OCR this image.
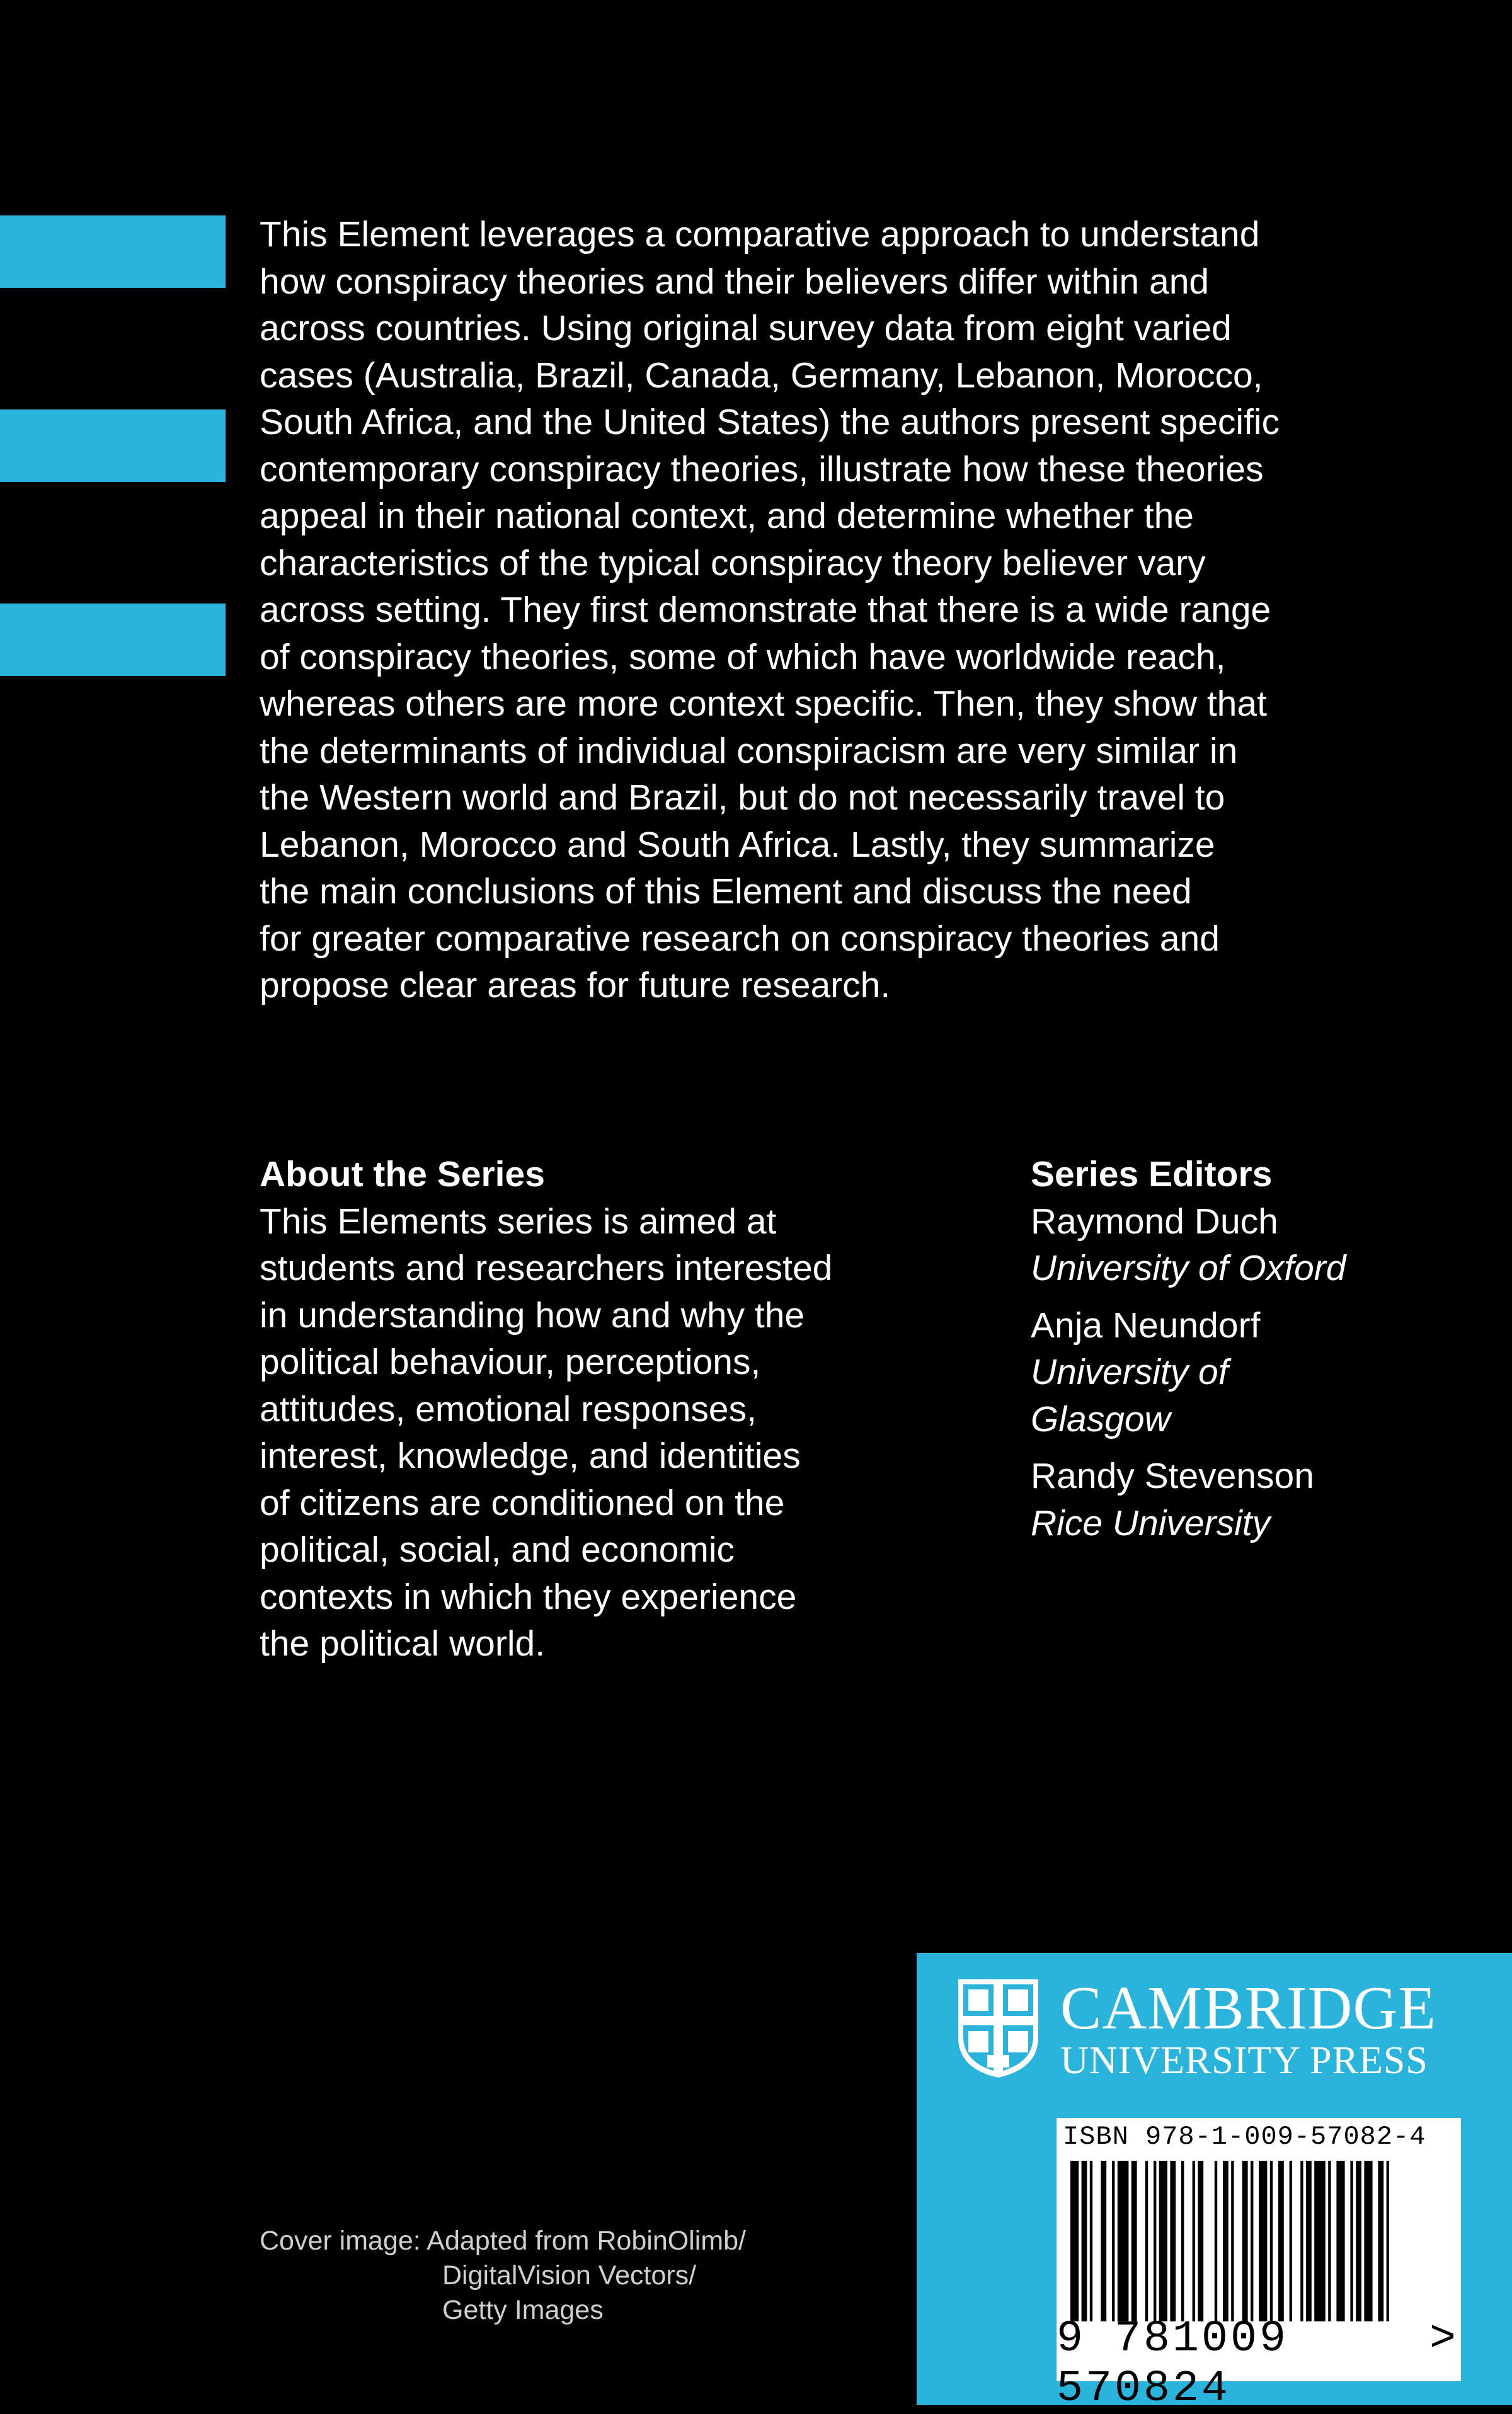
This Element leverages a comparative approach to understand
how conspiracy theories and their believers differ within and
across countries. Using original survey data from eight varied
cases (Australia, Brazil, Canada, Germany, Lebanon, Morocco,
South Africa, and the United States) the authors present specific
contemporary conspiracy theories, illustrate how these theories
appeal in their national context, and determine whether the
characteristics of the typical conspiracy theory believer vary
across setting. They first demonstrate that there is a wide range
of conspiracy theories, some of which have worldwide reach,
whereas others are more context specific. Then, they show that
the determinants of individual conspiracism are very similar in
the Western world and Brazil, but do not necessarily travel to
Lebanon, Morocco and South Africa. Lastly, they summarize
the main conclusions of this Element and discuss the need
for greater comparative research on conspiracy theories and
propose clear areas for future research.

About the Series

This Elements series is aimed at
students and researchers interested
in understanding how and why the
political behaviour, perceptions,
attitudes, emotional responses,
interest, knowledge, and identities
of citizens are conditioned on the
political, social, and economic
contexts in which they experience
the political world.

Series Editors

Raymond Duch

University of Oxford

Anja Neundorf

University of
Glasgow

Randy Stevenson

Rice University

Cover image: Adapted from RobinOlimb/

DigitalVision Vectors/
Getty Images
CAMBRIDGE
UNIVERSITY PRESS
ISBN 978-1-009-57082-4
9 781009 570824
>
